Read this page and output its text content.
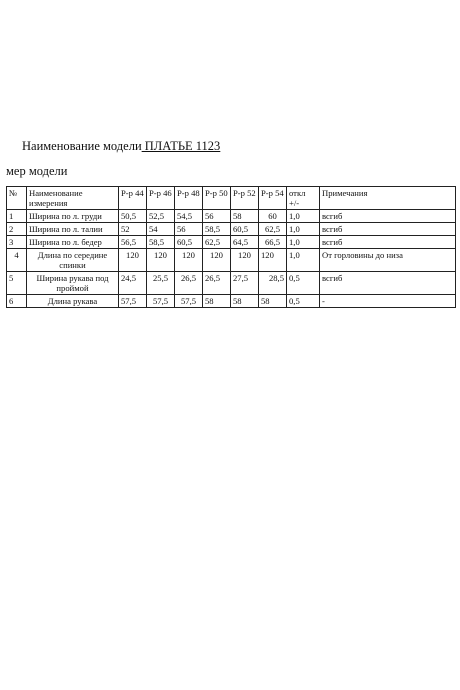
Наименование модели ПЛАТЬЕ 1123
мер модели
№	Наименование измерения	Р-р 44	Р-р 46	Р-р 48	Р-р 50	Р-р 52	Р-р 54	откл +/-	Примечания
1	Ширина по л. груди	50,5	52,5	54,5	56	58	60	1,0	всгиб
2	Ширина по л. талии	52	54	56	58,5	60,5	62,5	1,0	всгиб
3	Ширина по л. бедер	56,5	58,5	60,5	62,5	64,5	66,5	1,0	всгиб
4	Длина по середине спинки	120	120	120	120	120	120	1,0	От горловины до низа
5	Ширина рукава под проймой	24,5	25,5	26,5	26,5	27,5	28,5	0,5	всгиб
6	Длина рукава	57,5	57,5	57,5	58	58	58	0,5	-
